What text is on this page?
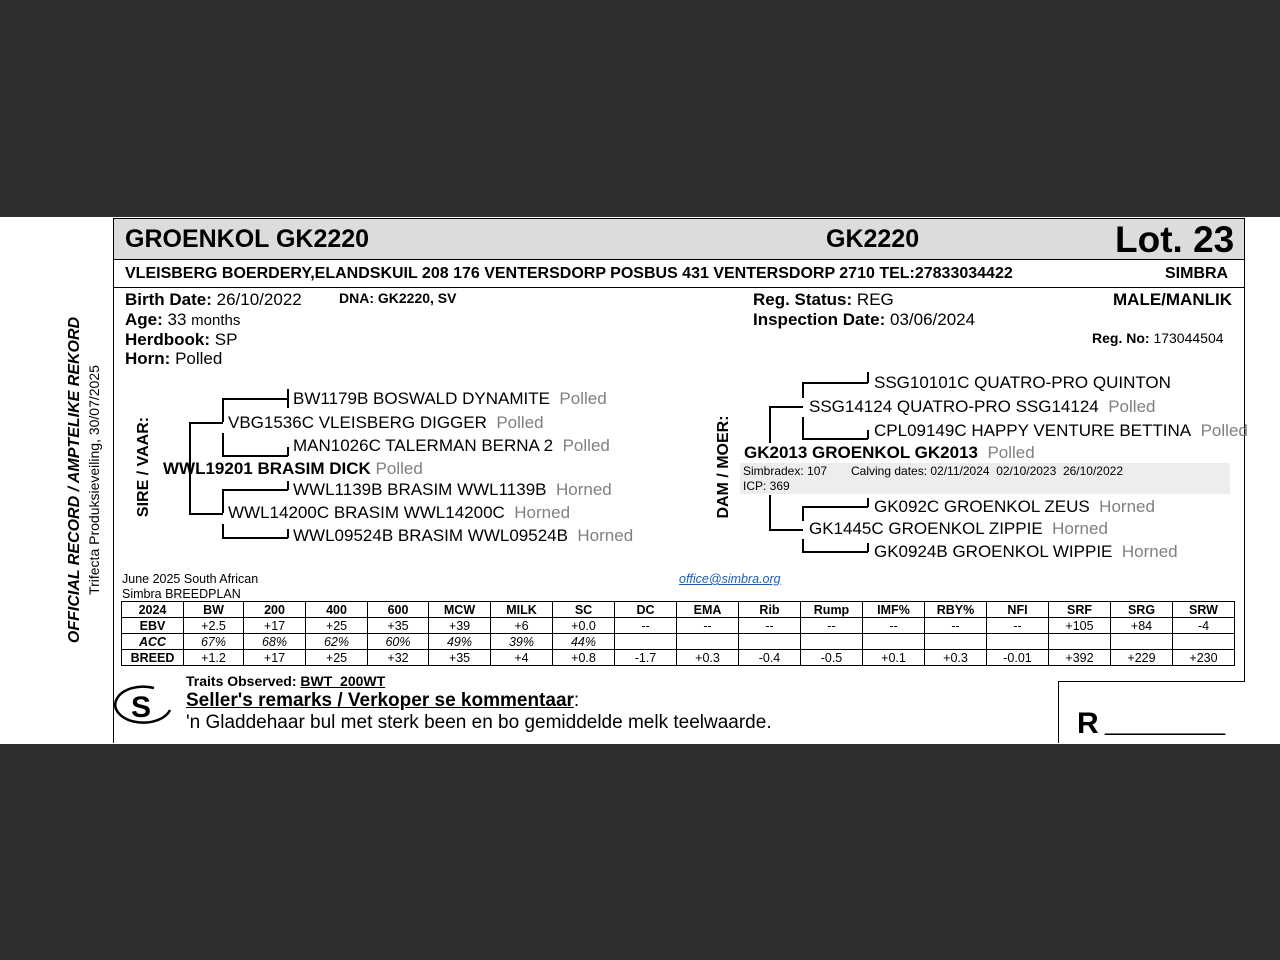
OFFICIAL RECORD / AMPTELIKE REKORD Trifecta Produksieveiling, 30/07/2025
GROENKOL GK2220	GK2220	Lot. 23
VLEISBERG BOERDERY,ELANDSKUIL 208 176 VENTERSDORP POSBUS 431 VENTERSDORP 2710 TEL:27833034422	SIMBRA
Birth Date: 26/10/2022	DNA: GK2220, SV
Age: 33 months
Herdbook: SP
Horn: Polled
Reg. Status: REG
Inspection Date: 03/06/2024
MALE/MANLIK
Reg. No: 173044504
SIRE / VAAR:
BW1179B BOSWALD DYNAMITE Polled
VBG1536C VLEISBERG DIGGER Polled
MAN1026C TALERMAN BERNA 2 Polled
WWL19201 BRASIM DICK Polled
WWL1139B BRASIM WWL1139B Horned
WWL14200C BRASIM WWL14200C Horned
WWL09524B BRASIM WWL09524B Horned
DAM / MOER:
SSG10101C QUATRO-PRO QUINTON
SSG14124 QUATRO-PRO SSG14124 Polled
CPL09149C HAPPY VENTURE BETTINA Polled
GK2013 GROENKOL GK2013 Polled
Simbradex: 107 Calving dates: 02/11/2024  02/10/2023  26/10/2022
ICP: 369
GK092C GROENKOL ZEUS Horned
GK1445C GROENKOL ZIPPIE Horned
GK0924B GROENKOL WIPPIE Horned
June 2025 South African
Simbra BREEDPLAN
office@simbra.org
2024	BW	200	400	600	MCW	MILK	SC	DC	EMA	Rib	Rump	IMF%	RBY%	NFI	SRF	SRG	SRW
EBV	+2.5	+17	+25	+35	+39	+6	+0.0	--	--	--	--	--	--	--	+105	+84	-4
ACC	67%	68%	62%	60%	49%	39%	44%										
BREED	+1.2	+17	+25	+32	+35	+4	+0.8	-1.7	+0.3	-0.4	-0.5	+0.1	+0.3	-0.01	+392	+229	+230
S
Traits Observed: BWT  200WT
Seller's remarks / Verkoper se kommentaar:
'n Gladdehaar bul met sterk been en bo gemiddelde melk teelwaarde.	R _________
